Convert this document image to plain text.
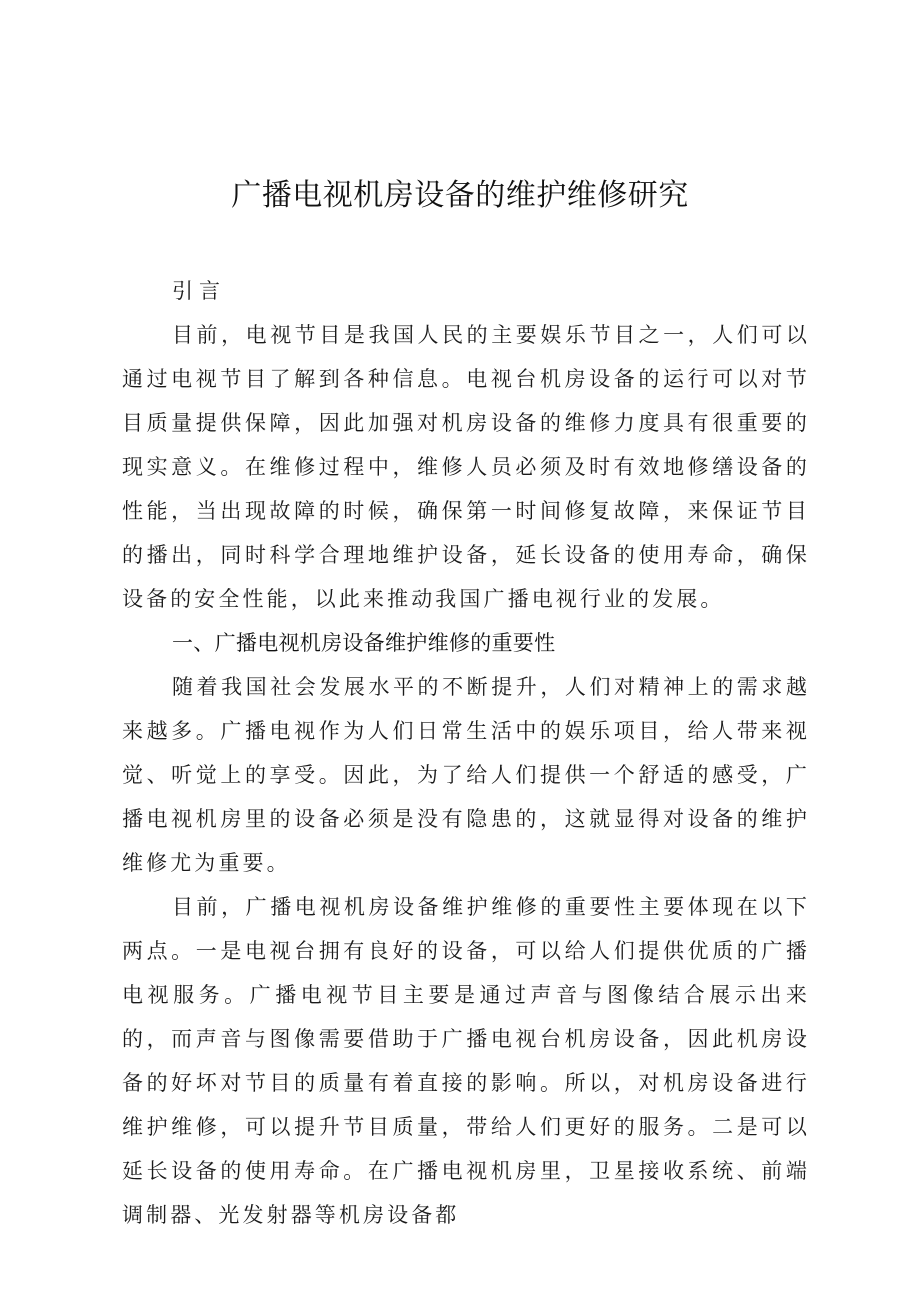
广播电视机房设备的维护维修研究

引言

目前，电视节目是我国人民的主要娱乐节目之一，人们可以通过电视节目了解到各种信息。电视台机房设备的运行可以对节目质量提供保障，因此加强对机房设备的维修力度具有很重要的现实意义。在维修过程中，维修人员必须及时有效地修缮设备的性能，当出现故障的时候，确保第一时间修复故障，来保证节目的播出，同时科学合理地维护设备，延长设备的使用寿命，确保设备的安全性能，以此来推动我国广播电视行业的发展。

一、广播电视机房设备维护维修的重要性

随着我国社会发展水平的不断提升，人们对精神上的需求越来越多。广播电视作为人们日常生活中的娱乐项目，给人带来视觉、听觉上的享受。因此，为了给人们提供一个舒适的感受，广播电视机房里的设备必须是没有隐患的，这就显得对设备的维护维修尤为重要。

目前，广播电视机房设备维护维修的重要性主要体现在以下两点。一是电视台拥有良好的设备，可以给人们提供优质的广播电视服务。广播电视节目主要是通过声音与图像结合展示出来的，而声音与图像需要借助于广播电视台机房设备，因此机房设备的好坏对节目的质量有着直接的影响。所以，对机房设备进行维护维修，可以提升节目质量，带给人们更好的服务。二是可以延长设备的使用寿命。在广播电视机房里，卫星接收系统、前端调制器、光发射器等机房设备都
